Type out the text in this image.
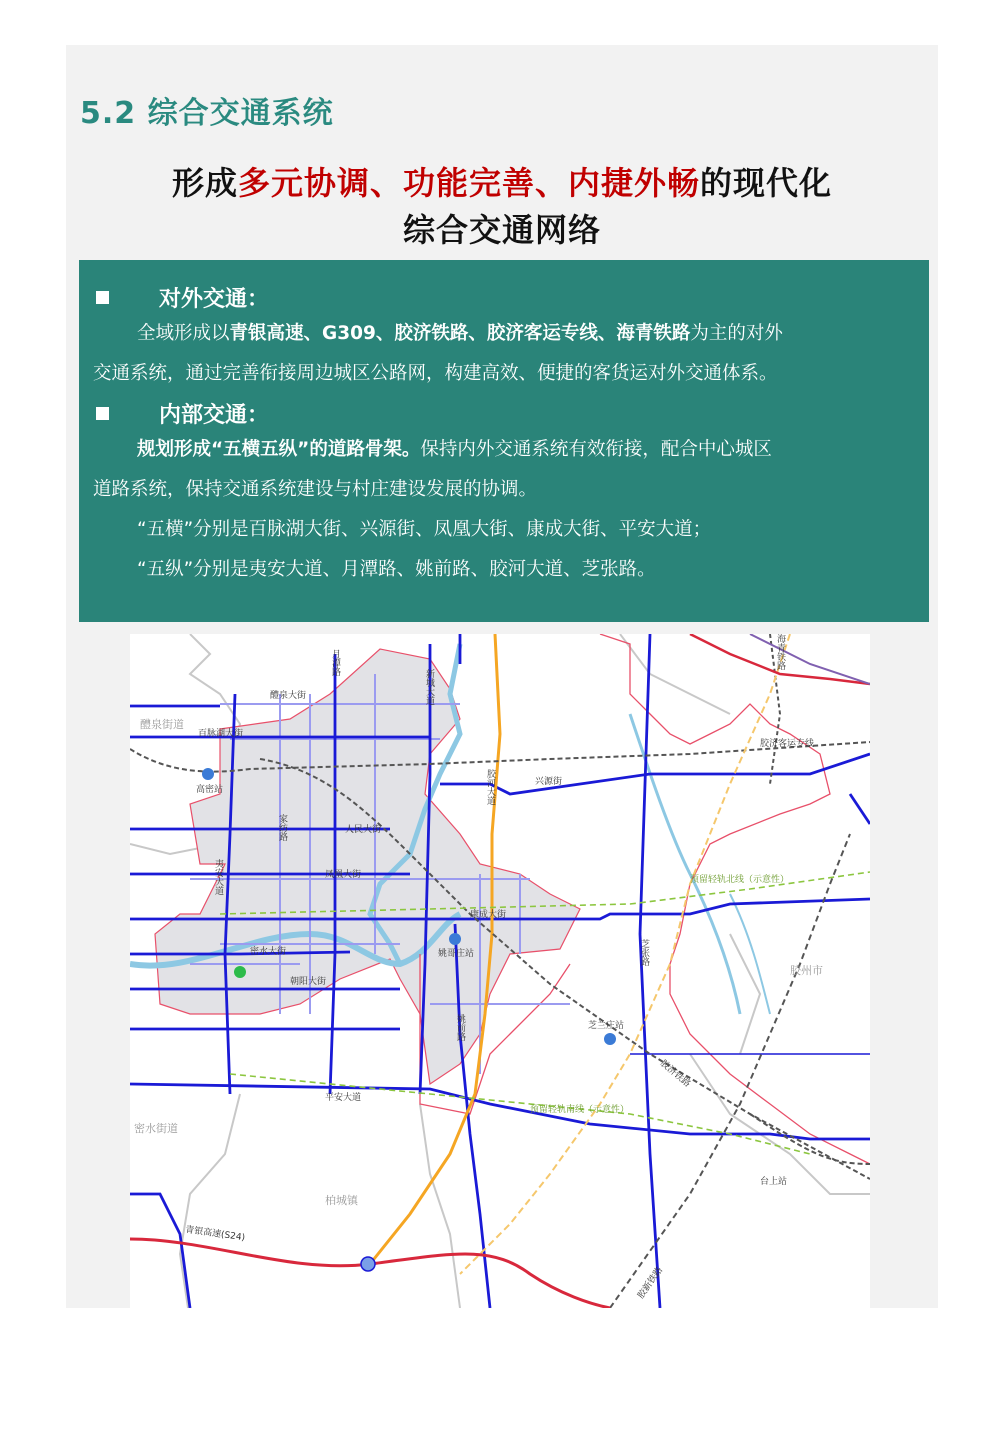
5.2 综合交通系统
形成多元协调、功能完善、内捷外畅的现代化
综合交通网络
对外交通：

全域形成以青银高速、G309、胶济铁路、胶济客运专线、海青铁路为主的对外

交通系统，通过完善衔接周边城区公路网，构建高效、便捷的客货运对外交通体系。

内部交通：

规划形成“五横五纵”的道路骨架。保持内外交通系统有效衔接，配合中心城区

道路系统，保持交通系统建设与村庄建设发展的协调。

“五横”分别是百脉湖大街、兴源街、凤凰大街、康成大街、平安大道；

“五纵”分别是夷安大道、月潭路、姚前路、胶河大道、芝张路。

醴泉大街
醴泉街道
百脉湖大街
高密站
人民大街
凤凰大街
密水大街
朝阳大街
兴源街
康成大街
姚哥庄站
芝兰庄站
胶州市
平安大道
密水街道
柏城镇
台上站
胶济客运专线
青银高速(S24)
预留轻轨北线（示意性）
预留轻轨南线（示意性）
夷安大道
家纺路
月潭路
新城大道
胶河大道
姚前路
芝张路
海青铁路
胶济铁路
胶新铁路
